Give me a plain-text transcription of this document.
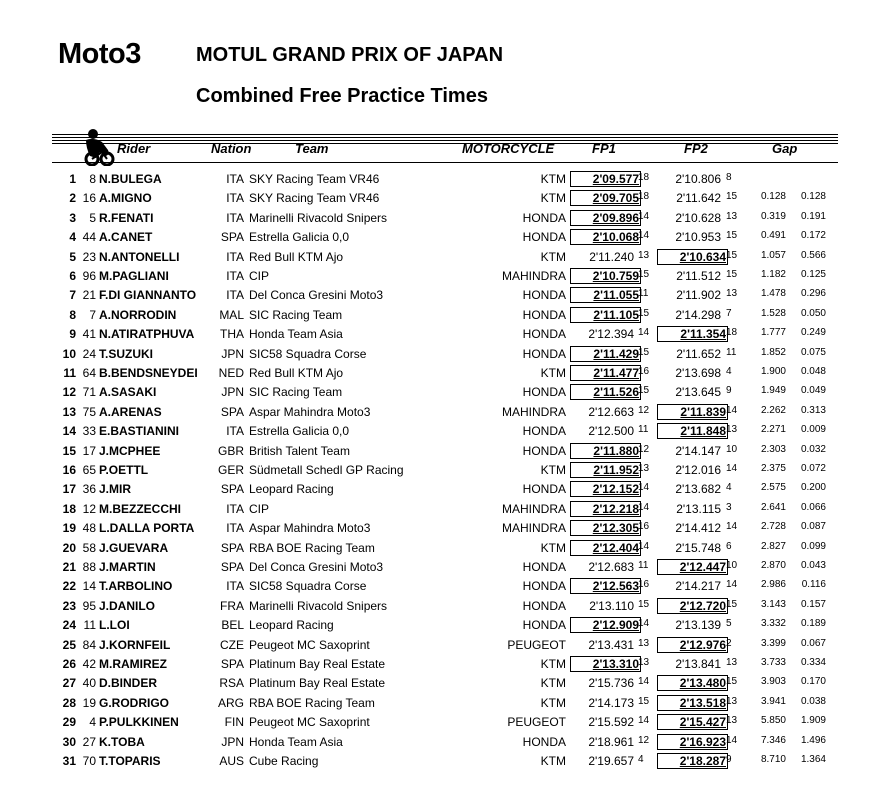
Moto3	MOTUL GRAND PRIX OF JAPAN
Combined Free Practice Times
Rider	Nation	Team	MOTORCYCLE	FP1	FP2	Gap
1	8 N.BULEGA	ITA SKY Racing Team VR46	KTM	2'09.577 18	2'10.806 8
2 16 A.MIGNO	ITA SKY Racing Team VR46	KTM	2'09.705 18	2'11.642 15	0.128	0.128
3	5 R.FENATI	ITA Marinelli Rivacold Snipers	HONDA	2'09.896 14	2'10.628 13	0.319	0.191
4 44 A.CANET	SPA Estrella Galicia 0,0	HONDA	2'10.068 14	2'10.953 15	0.491	0.172
5 23 N.ANTONELLI	ITA Red Bull KTM Ajo	KTM	2'11.240 13	2'10.634 15	1.057	0.566
6 96 M.PAGLIANI	ITA CIP	MAHINDRA	2'10.759 15	2'11.512 15	1.182	0.125
7 21 F.DI GIANNANTO	ITA Del Conca Gresini Moto3	HONDA	2'11.055 11	2'11.902 13	1.478	0.296
8	7 A.NORRODIN	MAL SIC Racing Team	HONDA	2'11.105 15	2'14.298 7	1.528	0.050
9 41 N.ATIRATPHUVA THA Honda Team Asia	HONDA	2'12.394 14	2'11.354 18	1.777	0.249
10 24 T.SUZUKI	JPN SIC58 Squadra Corse	HONDA	2'11.429 15	2'11.652 11	1.852	0.075
11 64 B.BENDSNEYDEI NED Red Bull KTM Ajo	KTM	2'11.477 16	2'13.698 4	1.900	0.048
12 71 A.SASAKI	JPN SIC Racing Team	HONDA	2'11.526 15	2'13.645 9	1.949	0.049
13 75 A.ARENAS	SPA Aspar Mahindra Moto3	MAHINDRA	2'12.663 12	2'11.839 14	2.262	0.313
14 33 E.BASTIANINI	ITA Estrella Galicia 0,0	HONDA	2'12.500 11	2'11.848 13	2.271	0.009
15 17 J.MCPHEE	GBR British Talent Team	HONDA	2'11.880 12	2'14.147 10	2.303	0.032
16 65 P.OETTL	GER Südmetall Schedl GP Racing	KTM	2'11.952 13	2'12.016 14	2.375	0.072
17 36 J.MIR	SPA Leopard Racing	HONDA	2'12.152 14	2'13.682 4	2.575	0.200
18 12 M.BEZZECCHI	ITA CIP	MAHINDRA	2'12.218 14	2'13.115 3	2.641	0.066
19 48 L.DALLA PORTA	ITA Aspar Mahindra Moto3	MAHINDRA	2'12.305 16	2'14.412 14	2.728	0.087
20 58 J.GUEVARA	SPA RBA BOE Racing Team	KTM	2'12.404 14	2'15.748 6	2.827	0.099
21 88 J.MARTIN	SPA Del Conca Gresini Moto3	HONDA	2'12.683 11	2'12.447 10	2.870	0.043
22 14 T.ARBOLINO	ITA SIC58 Squadra Corse	HONDA	2'12.563 16	2'14.217 14	2.986	0.116
23 95 J.DANILO	FRA Marinelli Rivacold Snipers	HONDA	2'13.110 15	2'12.720 15	3.143	0.157
24 11 L.LOI	BEL Leopard Racing	HONDA	2'12.909 14	2'13.139 5	3.332	0.189
25 84 J.KORNFEIL	CZE Peugeot MC Saxoprint	PEUGEOT	2'13.431 13	2'12.976 2	3.399	0.067
26 42 M.RAMIREZ	SPA Platinum Bay Real Estate	KTM	2'13.310 13	2'13.841 13	3.733	0.334
27 40 D.BINDER	RSA Platinum Bay Real Estate	KTM	2'15.736 14	2'13.480 15	3.903	0.170
28 19 G.RODRIGO	ARG RBA BOE Racing Team	KTM	2'14.173 15	2'13.518 13	3.941	0.038
29	4 P.PULKKINEN	FIN Peugeot MC Saxoprint	PEUGEOT	2'15.592 14	2'15.427 13	5.850	1.909
30 27 K.TOBA	JPN Honda Team Asia	HONDA	2'18.961 12	2'16.923 14	7.346	1.496
31 70 T.TOPARIS	AUS Cube Racing	KTM	2'19.657 4	2'18.287 9	8.710	1.364
